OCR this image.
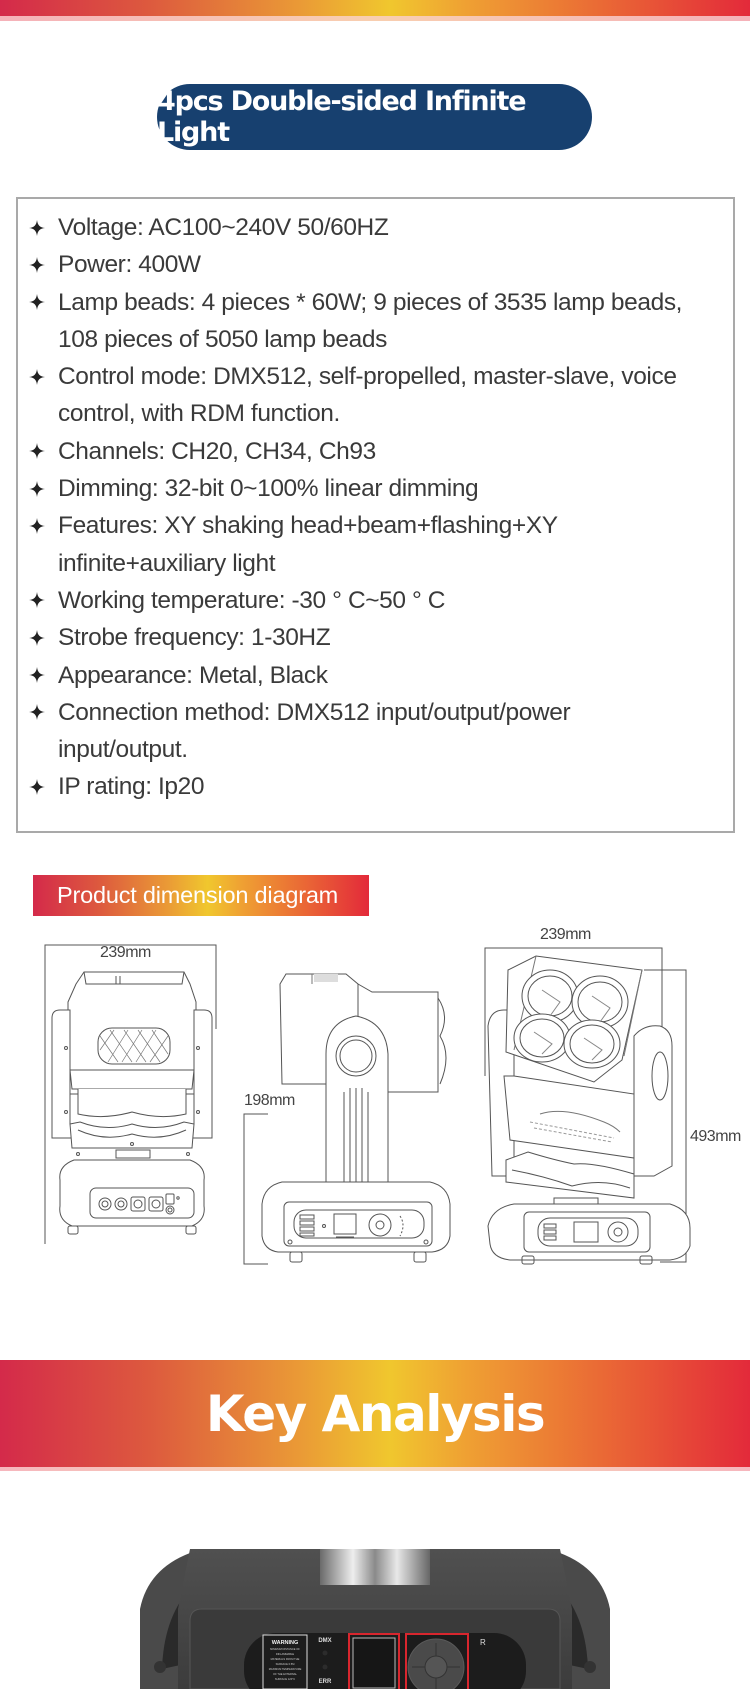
4pcs Double-sided Infinite Light
Voltage: AC100~240V 50/60HZ
Power: 400W
Lamp beads: 4 pieces * 60W; 9 pieces of 3535 lamp beads,
108 pieces of 5050 lamp beads
Control mode: DMX512, self-propelled, master-slave, voice
control, with RDM function.
Channels: CH20, CH34, Ch93
Dimming: 32-bit 0~100% linear dimming
Features: XY shaking head+beam+flashing+XY
infinite+auxiliary light
Working temperature: -30 ° C~50 ° C
Strobe frequency: 1-30HZ
Appearance: Metal, Black
Connection method: DMX512 input/output/power
input/output.
IP rating: Ip20
Product dimension diagram
239mm
198mm
239mm
493mm
Key Analysis
WARNING
MINIMUM DISTANCE OF
INFLAMMABLE
MATERIALS FROM THE
SURFACE 0.5M
MAXIMUM TEMPERATURE
OF THE EXTERNAL
SURFACE 120°C
DMX
ERR
R
